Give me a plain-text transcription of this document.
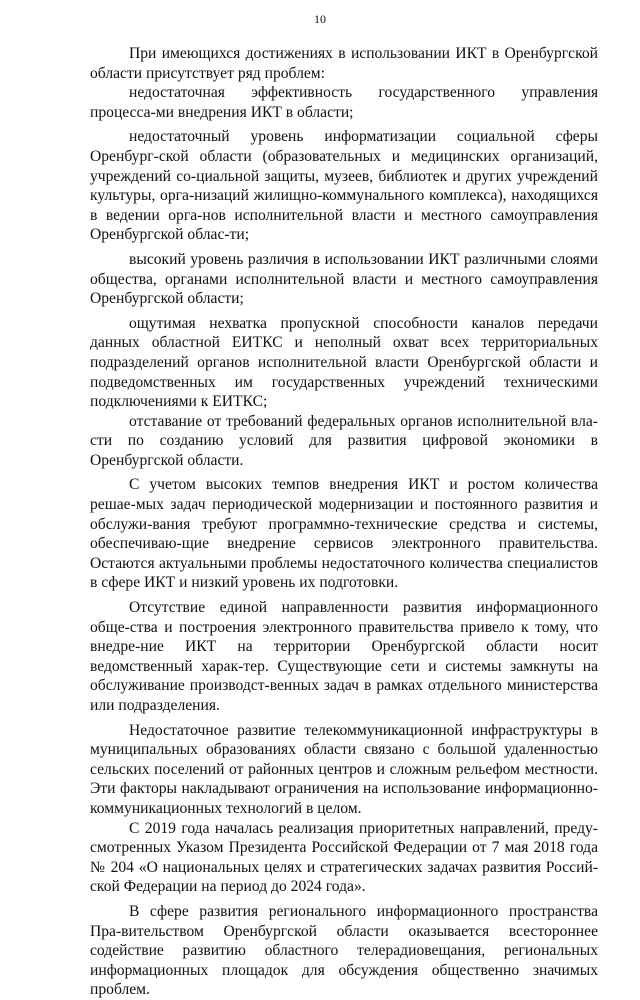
10

При имеющихся достижениях в использовании ИКТ в Оренбургской области присутствует ряд проблем:

недостаточная эффективность государственного управления процесса-ми внедрения ИКТ в области;

недостаточный уровень информатизации социальной сферы Оренбург-ской области (образовательных и медицинских организаций, учреждений со-циальной защиты, музеев, библиотек и других учреждений культуры, орга-низаций жилищно-коммунального комплекса), находящихся в ведении орга-нов исполнительной власти и местного самоуправления Оренбургской облас-ти;

высокий уровень различия в использовании ИКТ различными слоями общества, органами исполнительной власти и местного самоуправления Оренбургской области;

ощутимая нехватка пропускной способности каналов передачи данных областной ЕИТКС и неполный охват всех территориальных подразделений органов исполнительной власти Оренбургской области и подведомственных им государственных учреждений техническими подключениями к ЕИТКС;

отставание от требований федеральных органов исполнительной вла-сти по созданию условий для развития цифровой экономики в Оренбургской области.

С учетом высоких темпов внедрения ИКТ и ростом количества решае-мых задач периодической модернизации и постоянного развития и обслужи-вания требуют программно-технические средства и системы, обеспечиваю-щие внедрение сервисов электронного правительства. Остаются актуальными проблемы недостаточного количества специалистов в сфере ИКТ и низкий уровень их подготовки.

Отсутствие единой направленности развития информационного обще-ства и построения электронного правительства привело к тому, что внедре-ние ИКТ на территории Оренбургской области носит ведомственный харак-тер. Существующие сети и системы замкнуты на обслуживание производст-венных задач в рамках отдельного министерства или подразделения.

Недостаточное развитие телекоммуникационной инфраструктуры в муниципальных образованиях области связано с большой удаленностью сельских поселений от районных центров и сложным рельефом местности. Эти факторы накладывают ограничения на использование информационно-коммуникационных технологий в целом.

С 2019 года началась реализация приоритетных направлений, преду-смотренных Указом Президента Российской Федерации от 7 мая 2018 года № 204 «О национальных целях и стратегических задачах развития Россий-ской Федерации на период до 2024 года».

В сфере развития регионального информационного пространства Пра-вительством Оренбургской области оказывается всестороннее содействие развитию областного телерадиовещания, региональных информационных площадок для обсуждения общественно значимых проблем.
